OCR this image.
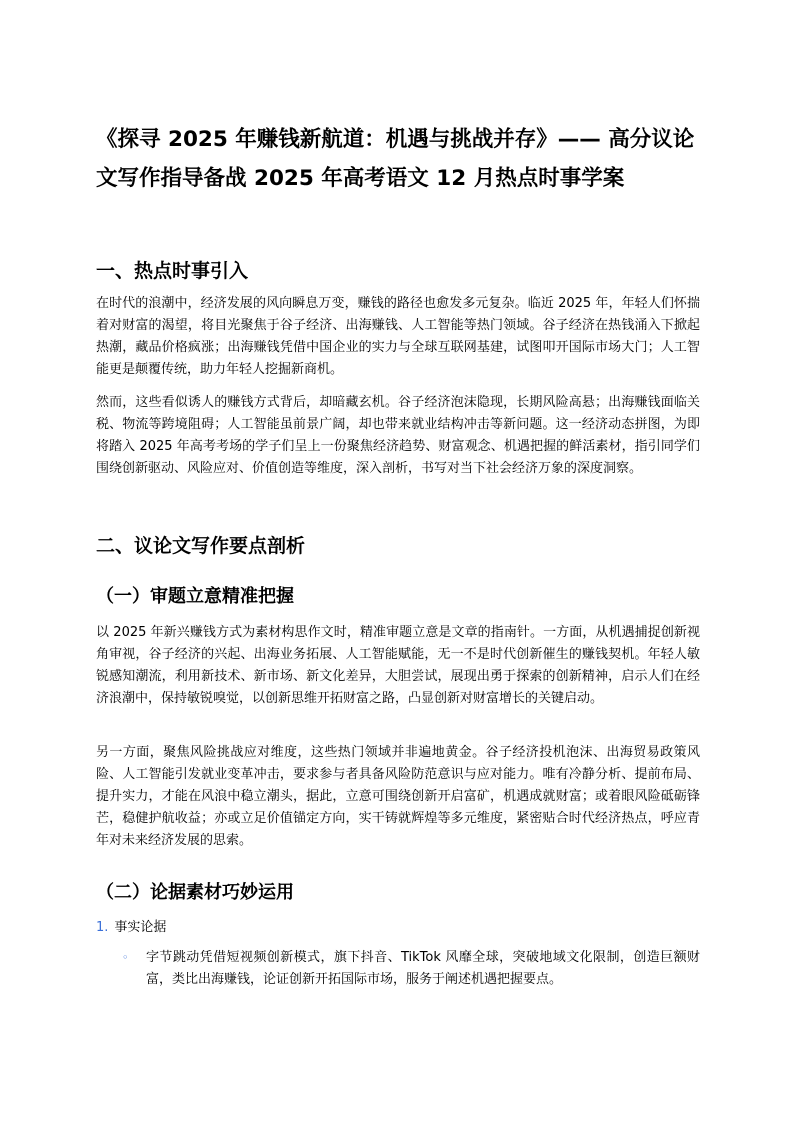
《探寻 2025 年赚钱新航道：机遇与挑战并存》—— 高分议论文写作指导备战 2025 年高考语文 12 月热点时事学案
一、热点时事引入

在时代的浪潮中，经济发展的风向瞬息万变，赚钱的路径也愈发多元复杂。临近 2025 年，年轻人们怀揣着对财富的渴望，将目光聚焦于谷子经济、出海赚钱、人工智能等热门领域。谷子经济在热钱涌入下掀起热潮，藏品价格疯涨；出海赚钱凭借中国企业的实力与全球互联网基建，试图叩开国际市场大门；人工智能更是颠覆传统，助力年轻人挖掘新商机。

然而，这些看似诱人的赚钱方式背后，却暗藏玄机。谷子经济泡沫隐现，长期风险高悬；出海赚钱面临关税、物流等跨境阻碍；人工智能虽前景广阔，却也带来就业结构冲击等新问题。这一经济动态拼图，为即将踏入 2025 年高考考场的学子们呈上一份聚焦经济趋势、财富观念、机遇把握的鲜活素材，指引同学们围绕创新驱动、风险应对、价值创造等维度，深入剖析，书写对当下社会经济万象的深度洞察。

二、议论文写作要点剖析
（一）审题立意精准把握

以 2025 年新兴赚钱方式为素材构思作文时，精准审题立意是文章的指南针。一方面，从机遇捕捉创新视角审视，谷子经济的兴起、出海业务拓展、人工智能赋能，无一不是时代创新催生的赚钱契机。年轻人敏锐感知潮流，利用新技术、新市场、新文化差异，大胆尝试，展现出勇于探索的创新精神，启示人们在经济浪潮中，保持敏锐嗅觉，以创新思维开拓财富之路，凸显创新对财富增长的关键启动。

另一方面，聚焦风险挑战应对维度，这些热门领域并非遍地黄金。谷子经济投机泡沫、出海贸易政策风险、人工智能引发就业变革冲击，要求参与者具备风险防范意识与应对能力。唯有冷静分析、提前布局、提升实力，才能在风浪中稳立潮头，据此，立意可围绕创新开启富矿，机遇成就财富；或着眼风险砥砺锋芒，稳健护航收益；亦或立足价值锚定方向，实干铸就辉煌等多元维度，紧密贴合时代经济热点，呼应青年对未来经济发展的思索。

（二）论据素材巧妙运用

1. 事实论据

◦	字节跳动凭借短视频创新模式，旗下抖音、TikTok 风靡全球，突破地域文化限制，创造巨额财富，类比出海赚钱，论证创新开拓国际市场，服务于阐述机遇把握要点。
